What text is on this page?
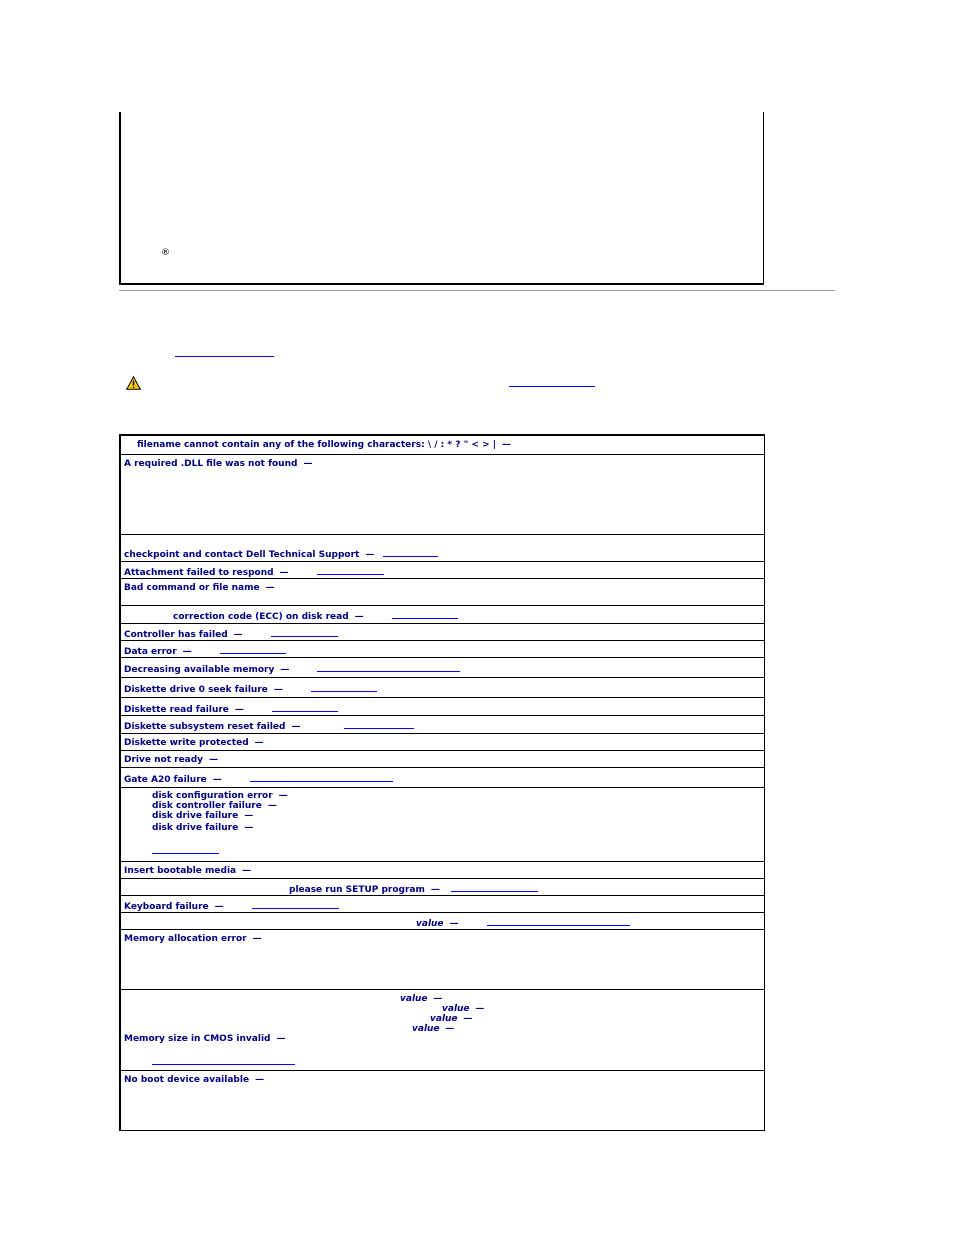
®
filename cannot contain any of the following characters: \ / : * ? " < > | —
A required .DLL file was not found —
checkpoint and contact Dell Technical Support —
Attachment failed to respond —
Bad command or file name —
correction code (ECC) on disk read —
Controller has failed —
Data error —
Decreasing available memory —
Diskette drive 0 seek failure —
Diskette read failure —
Diskette subsystem reset failed —
Diskette write protected —
Drive not ready —
Gate A20 failure —

disk configuration error —
disk controller failure —
disk drive failure —
disk drive failure —

Insert bootable media —
please run SETUP program —
Keyboard failure —
value —
Memory allocation error —

value —
value —
value —
value —
Memory size in CMOS invalid —

No boot device available —
